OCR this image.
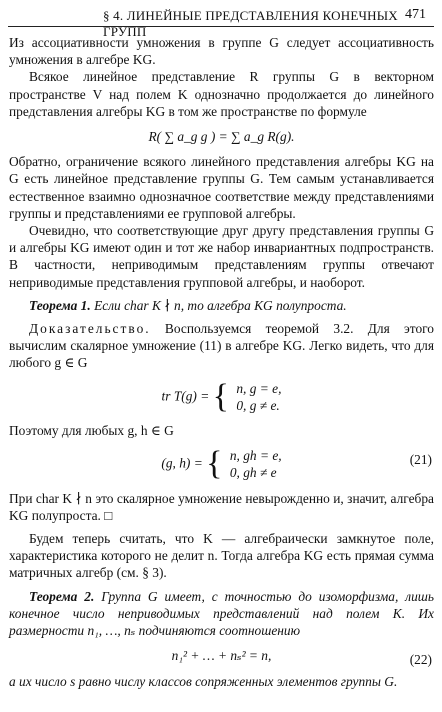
§ 4. ЛИНЕЙНЫЕ ПРЕДСТАВЛЕНИЯ КОНЕЧНЫХ ГРУПП
471

Из ассоциативности умножения в группе G следует ассоциативность умножения в алгебре KG.

Всякое линейное представление R группы G в векторном пространстве V над полем K однозначно продолжается до линейного представления алгебры KG в том же пространстве по формуле

R( ∑ a_g g ) = ∑ a_g R(g).

Обратно, ограничение всякого линейного представления алгебры KG на G есть линейное представление группы G. Тем самым устанавливается естественное взаимно однозначное соответствие между представлениями группы и представлениями ее групповой алгебры.

Очевидно, что соответствующие друг другу представления группы G и алгебры KG имеют один и тот же набор инвариантных подпространств. В частности, неприводимым представлениям группы отвечают неприводимые представления групповой алгебры, и наоборот.

Теорема 1. Если char K ∤ n, то алгебра KG полупроста.

Доказательство. Воспользуемся теоремой 3.2. Для этого вычислим скалярное умножение (11) в алгебре KG. Легко видеть, что для любого g ∈ G

tr T(g) = { n, g = e,
0, g ≠ e.

Поэтому для любых g, h ∈ G

(g, h) = { n, gh = e,
0, gh ≠ e
(21)

При char K ∤ n это скалярное умножение невырожденно и, значит, алгебра KG полупроста. □

Будем теперь считать, что K — алгебраически замкнутое поле, характеристика которого не делит n. Тогда алгебра KG есть прямая сумма матричных алгебр (см. § 3).

Теорема 2. Группа G имеет, с точностью до изоморфизма, лишь конечное число неприводимых представлений над полем K. Их размерности n₁, …, nₛ подчиняются соотношению

n₁² + … + nₛ² = n,	(22)

а их число s равно числу классов сопряженных элементов группы G.
